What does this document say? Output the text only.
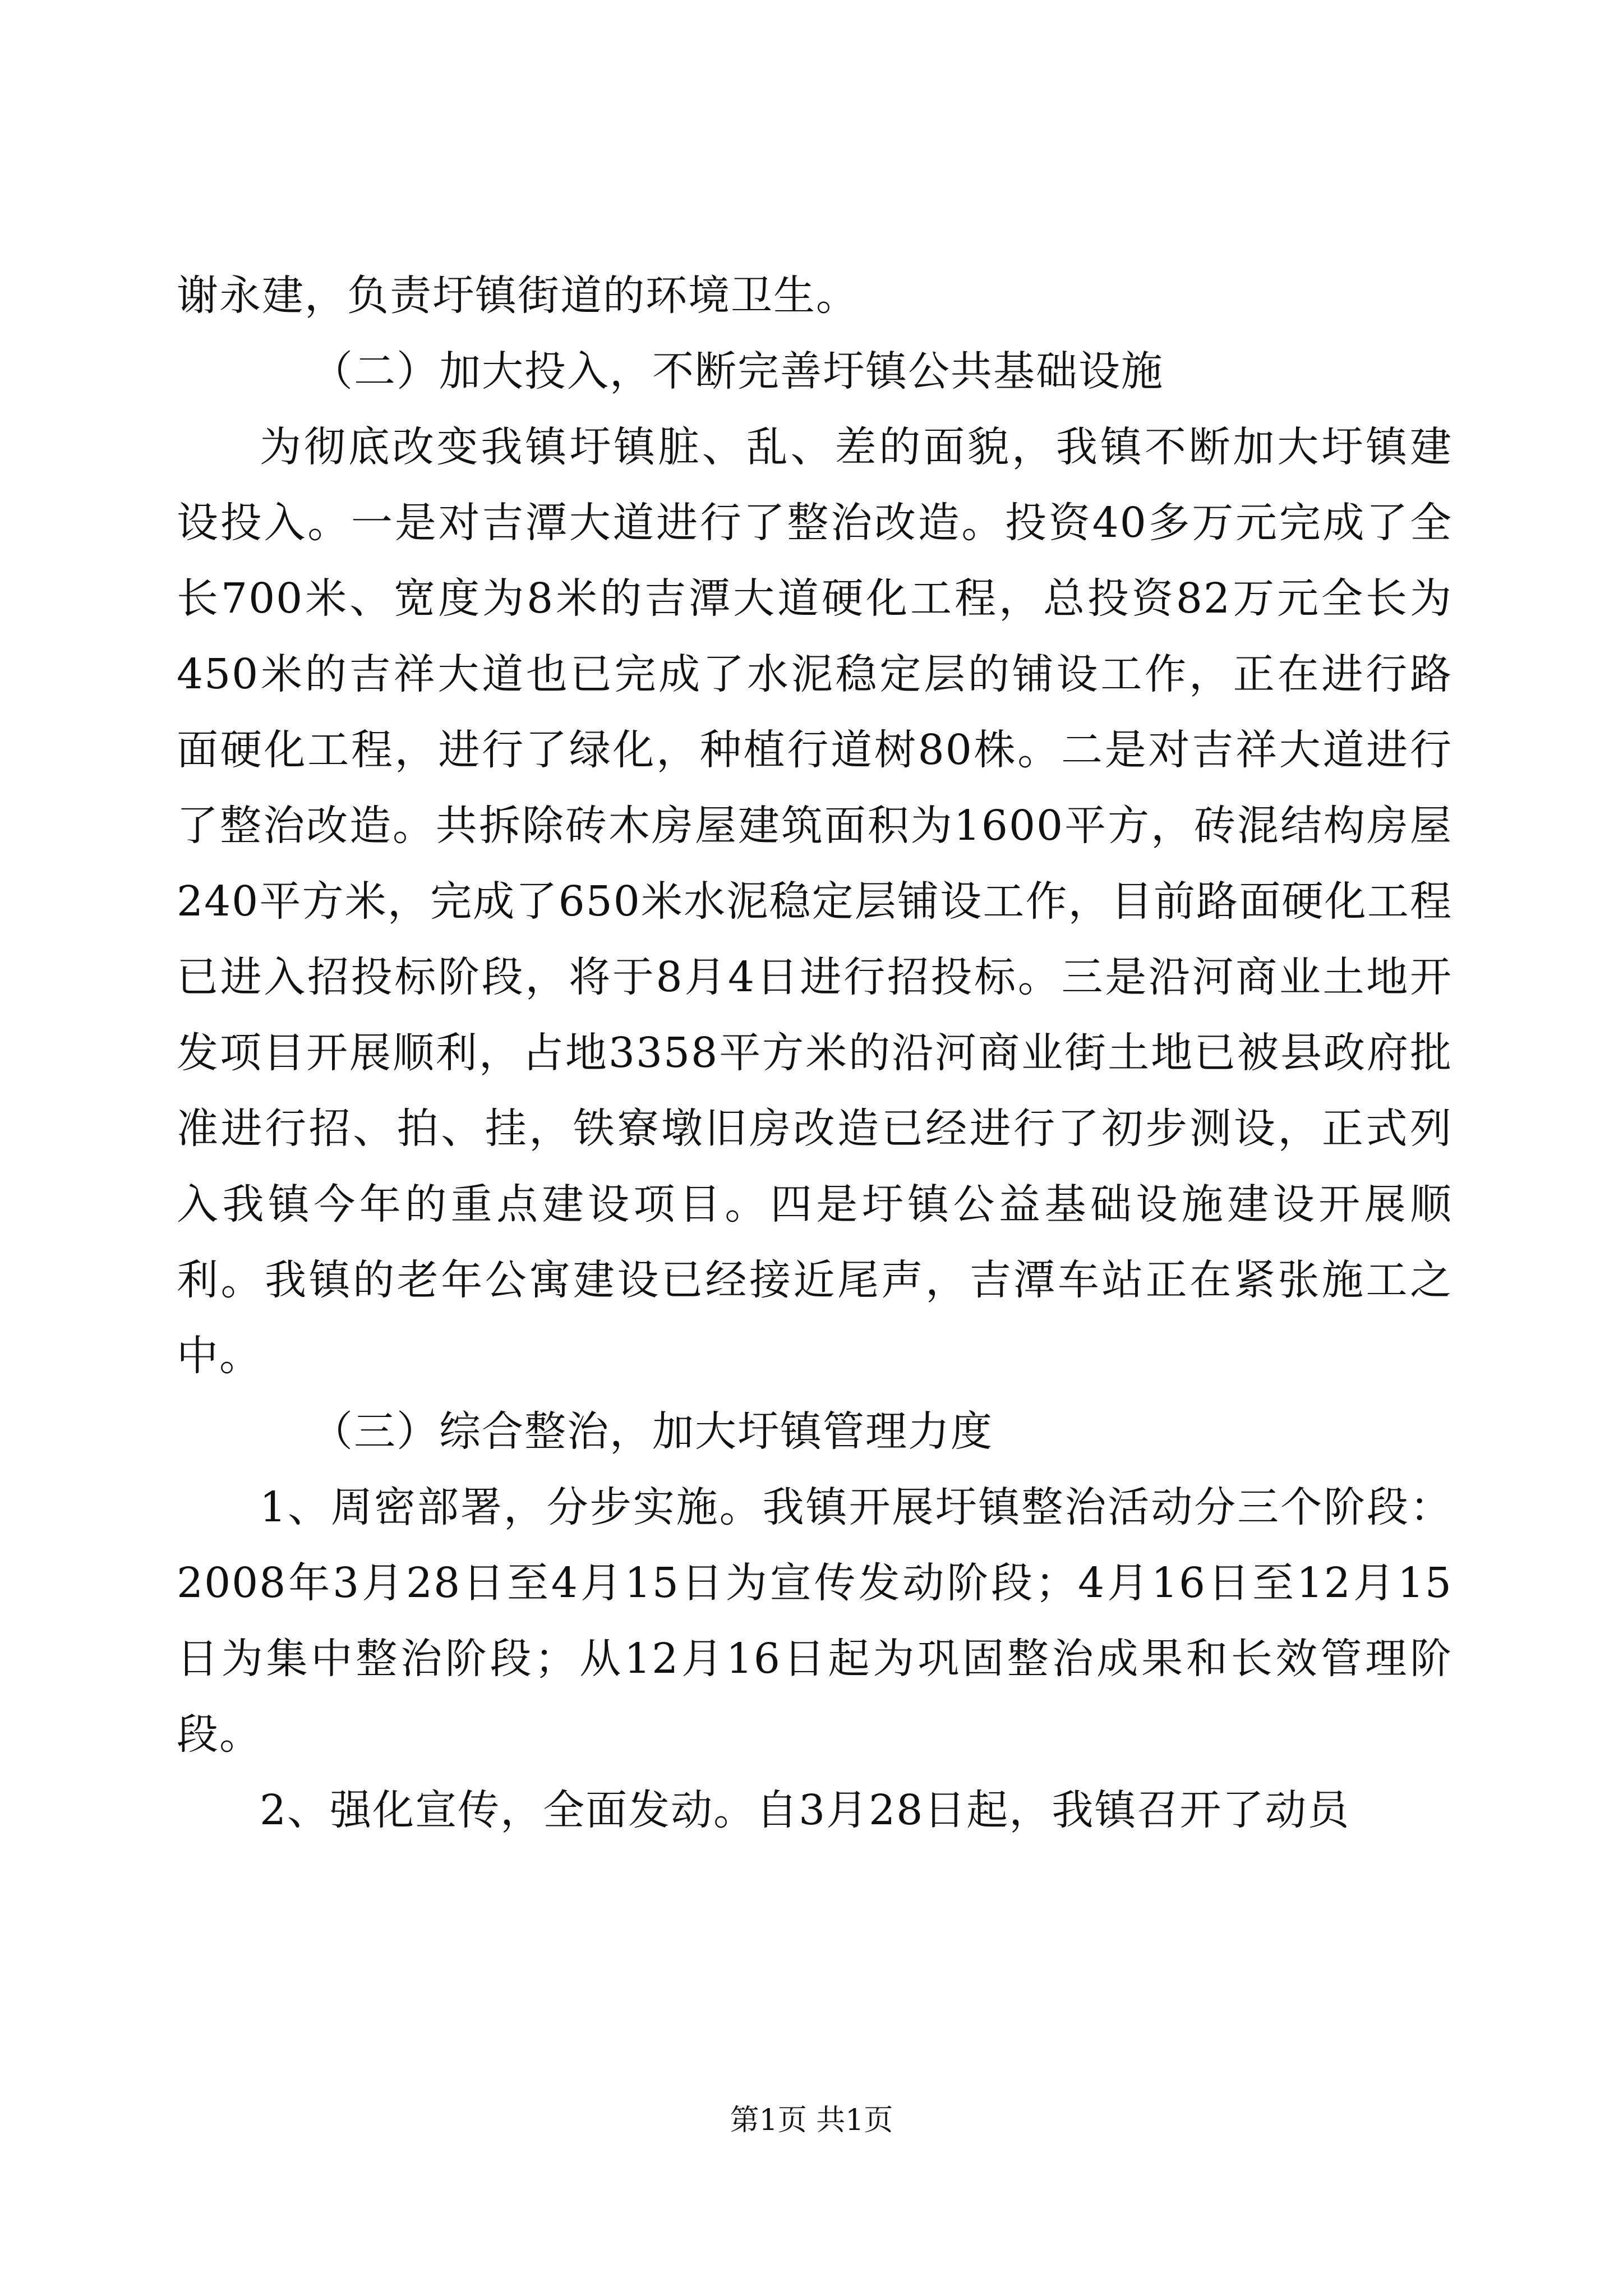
谢永建，负责圩镇街道的环境卫生。

（二）加大投入，不断完善圩镇公共基础设施

为彻底改变我镇圩镇脏、乱、差的面貌，我镇不断加大圩镇建设投入。一是对吉潭大道进行了整治改造。投资40多万元完成了全长700米、宽度为8米的吉潭大道硬化工程，总投资82万元全长为450米的吉祥大道也已完成了水泥稳定层的铺设工作，正在进行路面硬化工程，进行了绿化，种植行道树80株。二是对吉祥大道进行了整治改造。共拆除砖木房屋建筑面积为1600平方，砖混结构房屋240平方米，完成了650米水泥稳定层铺设工作，目前路面硬化工程已进入招投标阶段，将于8月4日进行招投标。三是沿河商业土地开发项目开展顺利，占地3358平方米的沿河商业街土地已被县政府批准进行招、拍、挂，铁寮墩旧房改造已经进行了初步测设，正式列入我镇今年的重点建设项目。四是圩镇公益基础设施建设开展顺利。我镇的老年公寓建设已经接近尾声，吉潭车站正在紧张施工之中。

（三）综合整治，加大圩镇管理力度

1、周密部署，分步实施。我镇开展圩镇整治活动分三个阶段：2008年3月28日至4月15日为宣传发动阶段；4月16日至12月15日为集中整治阶段；从12月16日起为巩固整治成果和长效管理阶段。

2、强化宣传，全面发动。自3月28日起，我镇召开了动员

第1页 共1页
